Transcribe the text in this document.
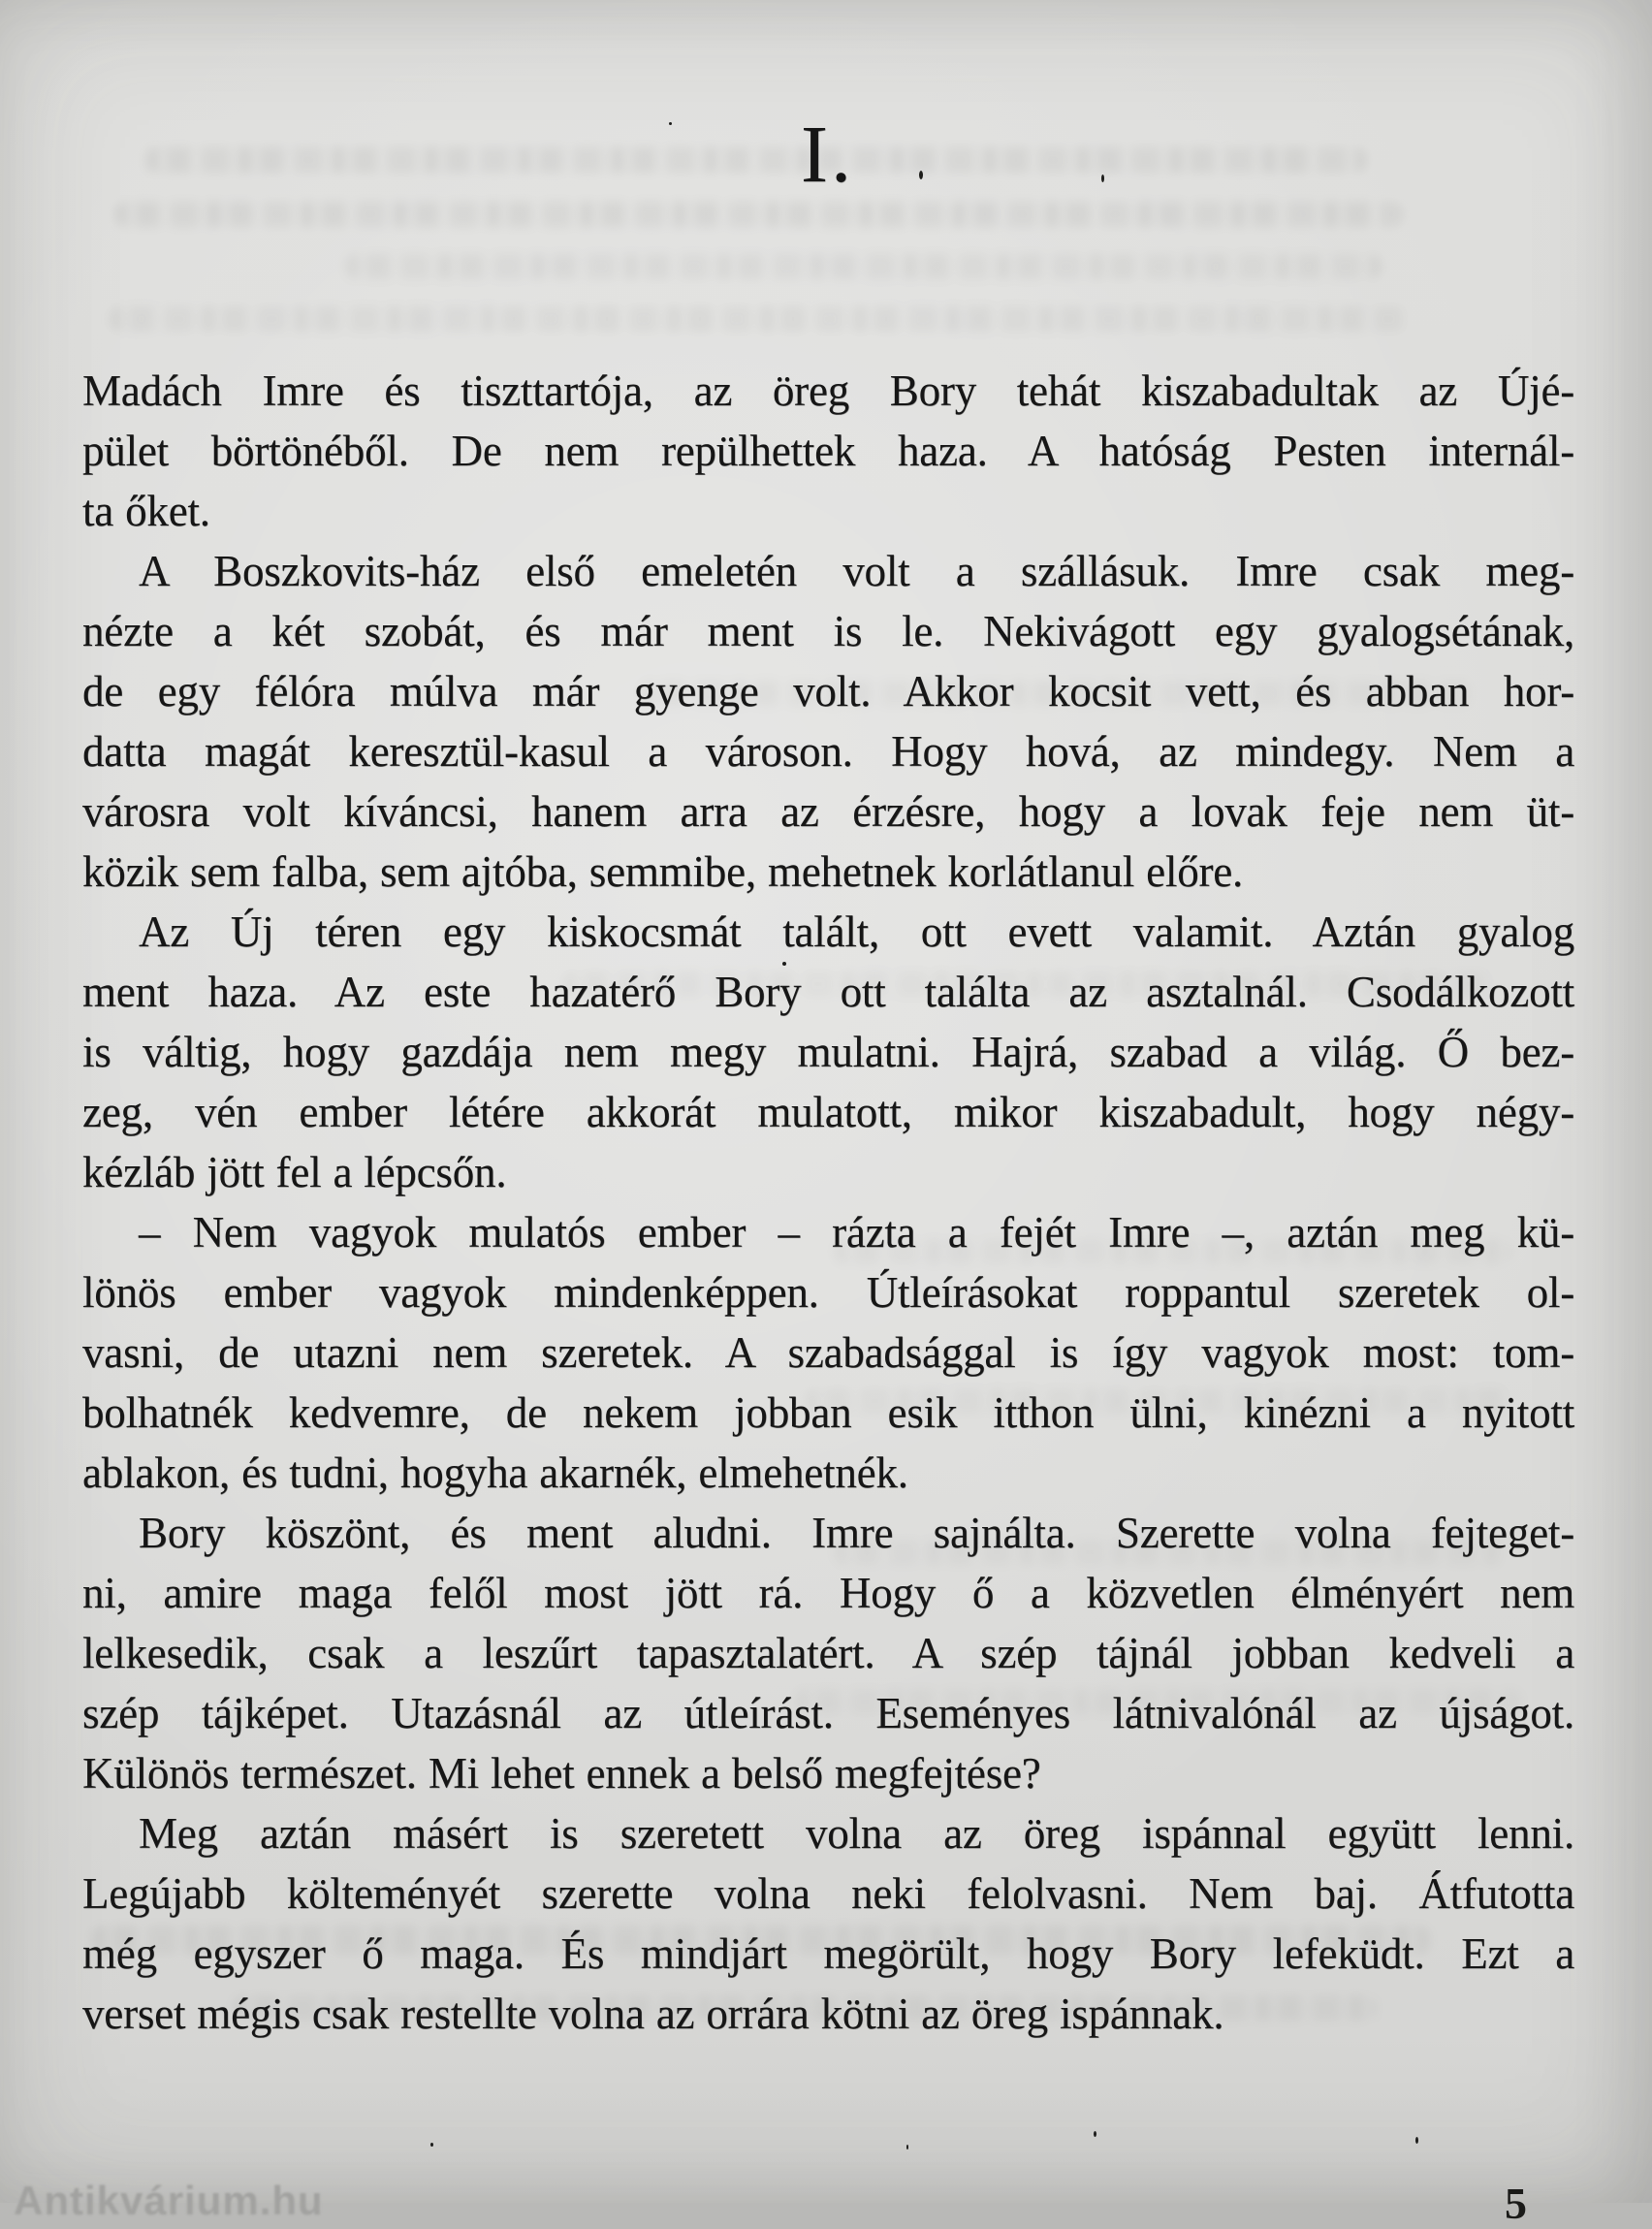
I.
Madách Imre és tiszttartója, az öreg Bory tehát kiszabadultak az Újé-
pület börtönéből. De nem repülhettek haza. A hatóság Pesten internál-
ta őket.
A Boszkovits-ház első emeletén volt a szállásuk. Imre csak meg-
nézte a két szobát, és már ment is le. Nekivágott egy gyalogsétának,
de egy félóra múlva már gyenge volt. Akkor kocsit vett, és abban hor-
datta magát keresztül-kasul a városon. Hogy hová, az mindegy. Nem a
városra volt kíváncsi, hanem arra az érzésre, hogy a lovak feje nem üt-
közik sem falba, sem ajtóba, semmibe, mehetnek korlátlanul előre.
Az Új téren egy kiskocsmát talált, ott evett valamit. Aztán gyalog
ment haza. Az este hazatérő Bory ott találta az asztalnál. Csodálkozott
is váltig, hogy gazdája nem megy mulatni. Hajrá, szabad a világ. Ő bez-
zeg, vén ember létére akkorát mulatott, mikor kiszabadult, hogy négy-
kézláb jött fel a lépcsőn.
– Nem vagyok mulatós ember – rázta a fejét Imre –, aztán meg kü-
lönös ember vagyok mindenképpen. Útleírásokat roppantul szeretek ol-
vasni, de utazni nem szeretek. A szabadsággal is így vagyok most: tom-
bolhatnék kedvemre, de nekem jobban esik itthon ülni, kinézni a nyitott
ablakon, és tudni, hogyha akarnék, elmehetnék.
Bory köszönt, és ment aludni. Imre sajnálta. Szerette volna fejteget-
ni, amire maga felől most jött rá. Hogy ő a közvetlen élményért nem
lelkesedik, csak a leszűrt tapasztalatért. A szép tájnál jobban kedveli a
szép tájképet. Utazásnál az útleírást. Eseményes látnivalónál az újságot.
Különös természet. Mi lehet ennek a belső megfejtése?
Meg aztán másért is szeretett volna az öreg ispánnal együtt lenni.
Legújabb költeményét szerette volna neki felolvasni. Nem baj. Átfutotta
még egyszer ő maga. És mindjárt megörült, hogy Bory lefeküdt. Ezt a
verset mégis csak restellte volna az orrára kötni az öreg ispánnak.
Antikvárium.hu	5
